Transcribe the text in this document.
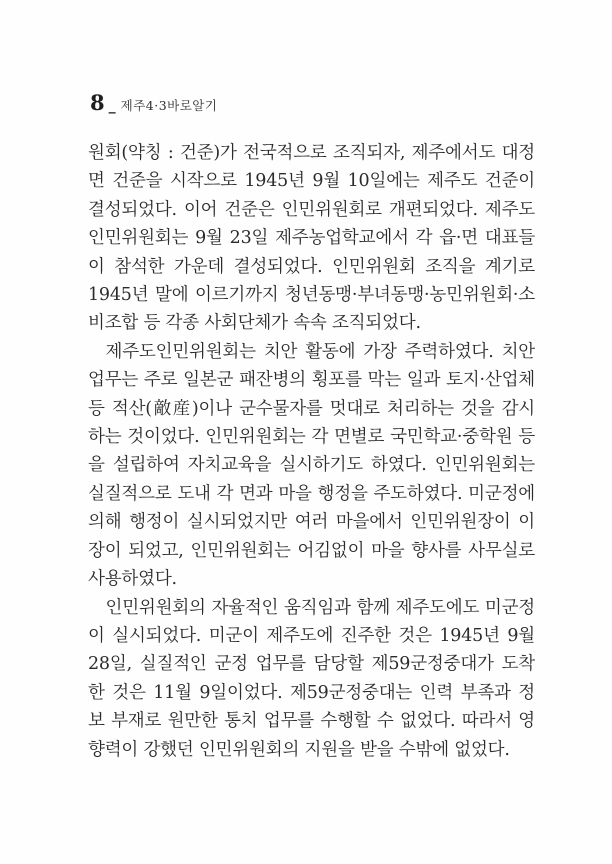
8 _ 제주4·3바로알기

원회(약칭 : 건준)가 전국적으로 조직되자, 제주에서도 대정면 건준을 시작으로 1945년 9월 10일에는 제주도 건준이 결성되었다. 이어 건준은 인민위원회로 개편되었다. 제주도인민위원회는 9월 23일 제주농업학교에서 각 읍·면 대표들이 참석한 가운데 결성되었다. 인민위원회 조직을 계기로 1945년 말에 이르기까지 청년동맹·부녀동맹·농민위원회·소비조합 등 각종 사회단체가 속속 조직되었다.

제주도인민위원회는 치안 활동에 가장 주력하였다. 치안 업무는 주로 일본군 패잔병의 횡포를 막는 일과 토지·산업체 등 적산(敵産)이나 군수물자를 멋대로 처리하는 것을 감시하는 것이었다. 인민위원회는 각 면별로 국민학교·중학원 등을 설립하여 자치교육을 실시하기도 하였다. 인민위원회는 실질적으로 도내 각 면과 마을 행정을 주도하였다. 미군정에 의해 행정이 실시되었지만 여러 마을에서 인민위원장이 이장이 되었고, 인민위원회는 어김없이 마을 향사를 사무실로 사용하였다.

인민위원회의 자율적인 움직임과 함께 제주도에도 미군정이 실시되었다. 미군이 제주도에 진주한 것은 1945년 9월 28일, 실질적인 군정 업무를 담당할 제59군정중대가 도착한 것은 11월 9일이었다. 제59군정중대는 인력 부족과 정보 부재로 원만한 통치 업무를 수행할 수 없었다. 따라서 영향력이 강했던 인민위원회의 지원을 받을 수밖에 없었다.
